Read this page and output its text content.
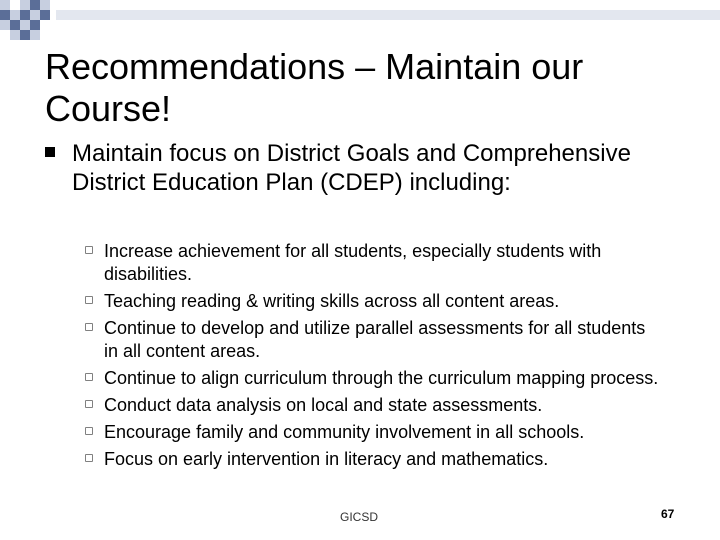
Recommendations – Maintain our Course!
Maintain focus on District Goals and Comprehensive District Education Plan (CDEP) including:
Increase achievement for all students, especially students with disabilities.
Teaching reading & writing skills across all content areas.
Continue to develop and utilize parallel assessments for all students in all content areas.
Continue to align curriculum through the curriculum mapping process.
Conduct data analysis on local and state assessments.
Encourage family and community involvement in all schools.
Focus on early intervention in literacy and mathematics.
GICSD	67
